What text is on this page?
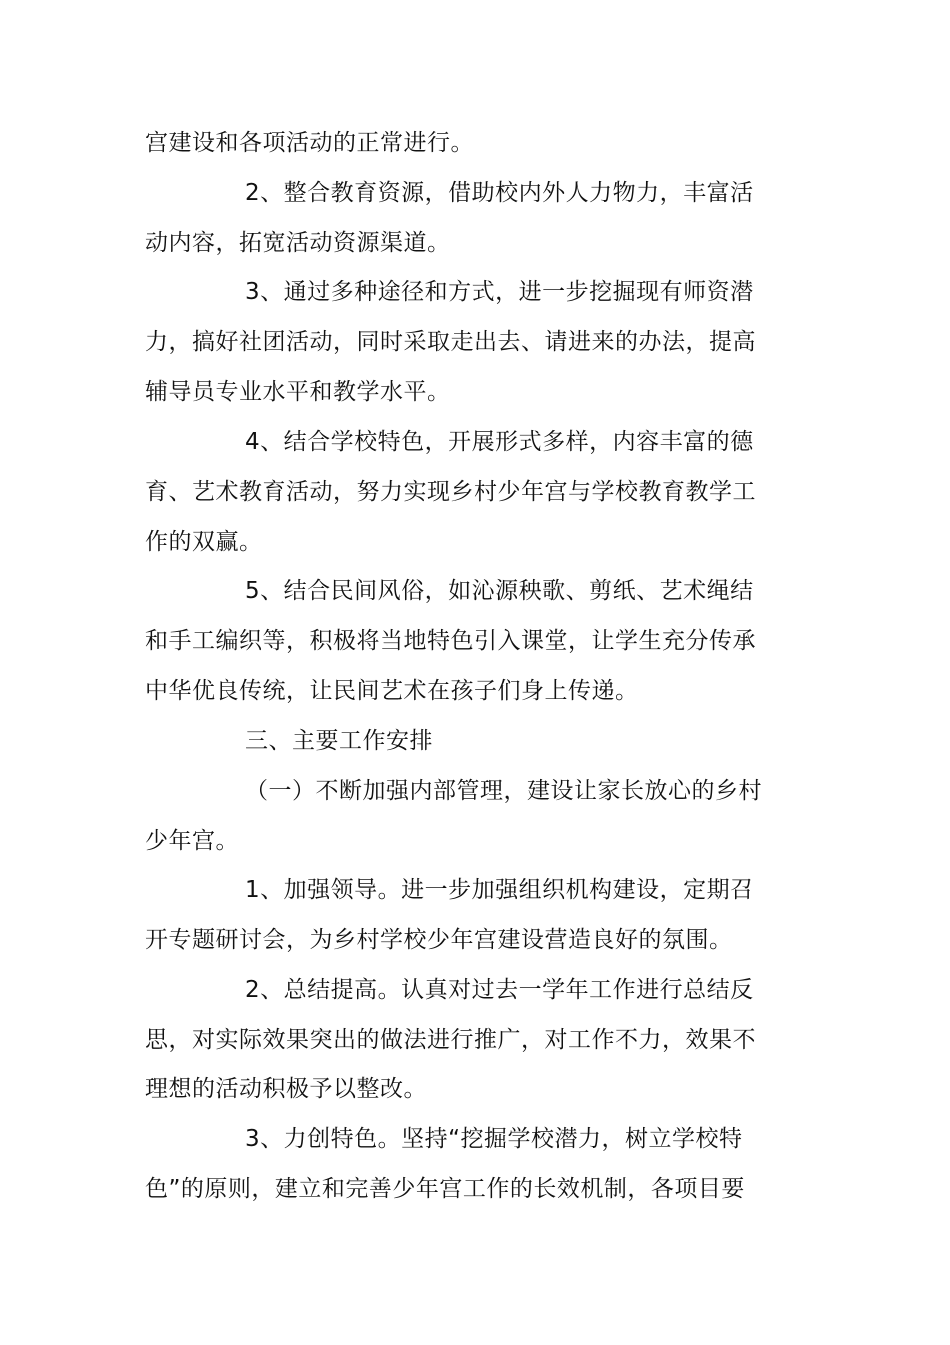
宫建设和各项活动的正常进行。
2、整合教育资源，借助校内外人力物力，丰富活
动内容，拓宽活动资源渠道。
3、通过多种途径和方式，进一步挖掘现有师资潜
力，搞好社团活动，同时采取走出去、请进来的办法，提高
辅导员专业水平和教学水平。
4、结合学校特色，开展形式多样，内容丰富的德
育、艺术教育活动，努力实现乡村少年宫与学校教育教学工
作的双赢。
5、结合民间风俗，如沁源秧歌、剪纸、艺术绳结
和手工编织等，积极将当地特色引入课堂，让学生充分传承
中华优良传统，让民间艺术在孩子们身上传递。
三、主要工作安排
（一）不断加强内部管理，建设让家长放心的乡村
少年宫。
1、加强领导。进一步加强组织机构建设，定期召
开专题研讨会，为乡村学校少年宫建设营造良好的氛围。
2、总结提高。认真对过去一学年工作进行总结反
思，对实际效果突出的做法进行推广，对工作不力，效果不
理想的活动积极予以整改。
3、力创特色。坚持“挖掘学校潜力，树立学校特
色”的原则，建立和完善少年宫工作的长效机制，各项目要
